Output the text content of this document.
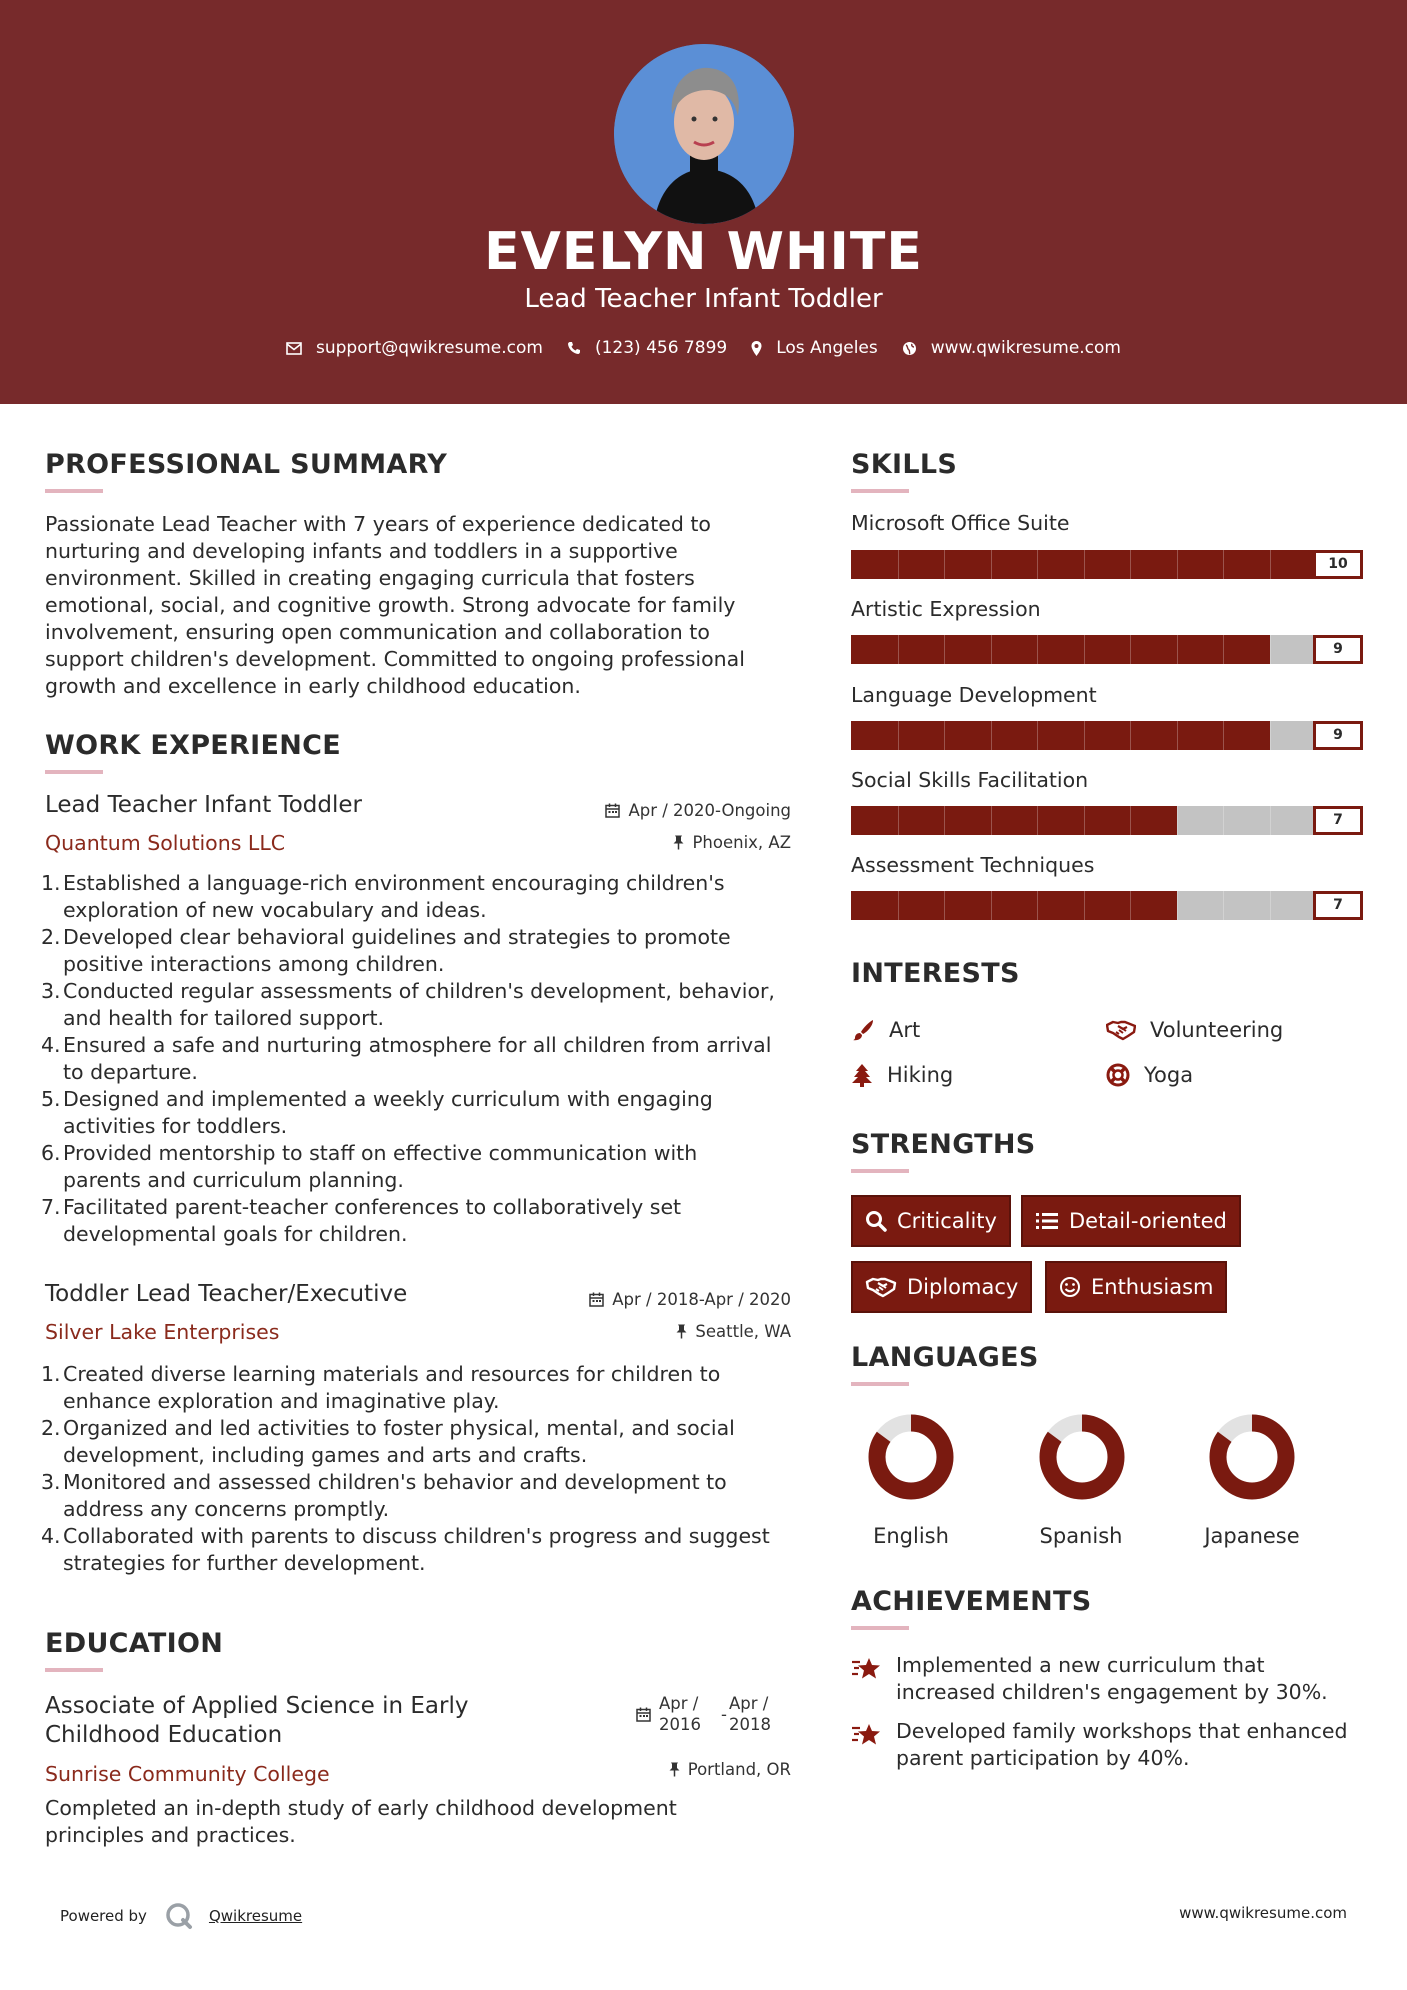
EVELYN WHITE
Lead Teacher Infant Toddler
support@qwikresume.com	(123) 456 7899	Los Angeles	www.qwikresume.com
PROFESSIONAL SUMMARY
Passionate Lead Teacher with 7 years of experience dedicated to
nurturing and developing infants and toddlers in a supportive
environment. Skilled in creating engaging curricula that fosters
emotional, social, and cognitive growth. Strong advocate for family
involvement, ensuring open communication and collaboration to
support children's development. Committed to ongoing professional
growth and excellence in early childhood education.
WORK EXPERIENCE
Lead Teacher Infant Toddler
Quantum Solutions LLC
Apr / 2020-Ongoing
Phoenix, AZ
1. Established a language-rich environment encouraging children's
exploration of new vocabulary and ideas.
2. Developed clear behavioral guidelines and strategies to promote
positive interactions among children.
3. Conducted regular assessments of children's development, behavior,
and health for tailored support.
4. Ensured a safe and nurturing atmosphere for all children from arrival
to departure.
5. Designed and implemented a weekly curriculum with engaging
activities for toddlers.
6. Provided mentorship to staff on effective communication with
parents and curriculum planning.
7. Facilitated parent-teacher conferences to collaboratively set
developmental goals for children.
Toddler Lead Teacher/Executive
Silver Lake Enterprises
Apr / 2018-Apr / 2020
Seattle, WA
1. Created diverse learning materials and resources for children to
enhance exploration and imaginative play.
2. Organized and led activities to foster physical, mental, and social
development, including games and arts and crafts.
3. Monitored and assessed children's behavior and development to
address any concerns promptly.
4. Collaborated with parents to discuss children's progress and suggest
strategies for further development.
EDUCATION
Associate of Applied Science in Early
Childhood Education
Apr /
2016
-
Apr /
2018
Sunrise Community College	Portland, OR
Completed an in-depth study of early childhood development
principles and practices.
SKILLS
Microsoft Office Suite
10
Artistic Expression
9
Language Development
9
Social Skills Facilitation
7
Assessment Techniques
7
INTERESTS
Art	Volunteering
Hiking	Yoga
STRENGTHS
Criticality	Detail-oriented
Diplomacy	Enthusiasm
LANGUAGES
English	Spanish	Japanese
ACHIEVEMENTS
Implemented a new curriculum that
increased children's engagement by 30%.
Developed family workshops that enhanced
parent participation by 40%.
Powered by	Qwikresume	www.qwikresume.com
